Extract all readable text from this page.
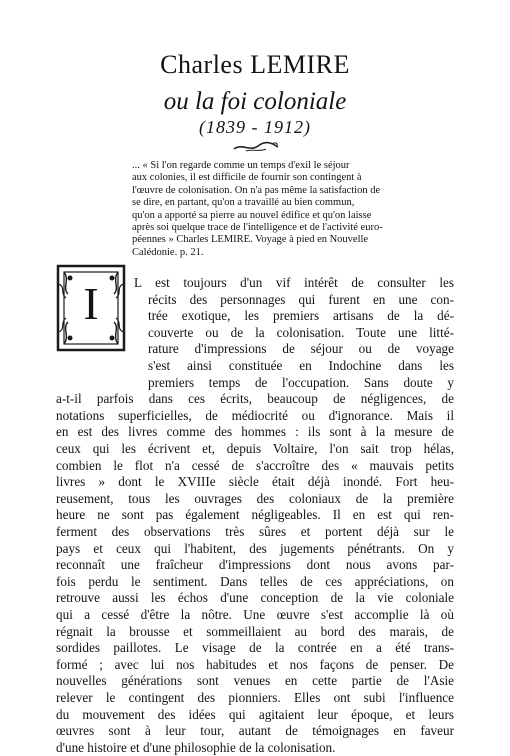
Charles LEMIRE
ou la foi coloniale
(1839 - 1912)
... « Si l'on regarde comme un temps d'exil le séjour
aux colonies, il est difficile de fournir son contingent à
l'œuvre de colonisation. On n'a pas même la satisfaction de
se dire, en partant, qu'on a travaillé au bien commun,
qu'on a apporté sa pierre au nouvel édifice et qu'on laisse
après soi quelque trace de l'intelligence et de l'activité euro-
péennes » Charles LEMIRE. Voyage à pied en Nouvelle
Calédonie. p. 21.
I	L est toujours d'un vif intérêt de consulter les
récits des personnages qui furent en une con-
trée exotique, les premiers artisans de la dé-
couverte ou de la colonisation. Toute une litté-
rature d'impressions de séjour ou de voyage
s'est ainsi constituée en Indochine dans les
premiers temps de l'occupation. Sans doute y
a-t-il parfois dans ces écrits, beaucoup de négligences, de
notations superficielles, de médiocrité ou d'ignorance. Mais il
en est des livres comme des hommes : ils sont à la mesure de
ceux qui les écrivent et, depuis Voltaire, l'on sait trop hélas,
combien le flot n'a cessé de s'accroître des « mauvais petits
livres » dont le XVIIIe siècle était déjà inondé. Fort heu-
reusement, tous les ouvrages des coloniaux de la première
heure ne sont pas également négligeables. Il en est qui ren-
ferment des observations très sûres et portent déjà sur le
pays et ceux qui l'habitent, des jugements pénétrants. On y
reconnaît une fraîcheur d'impressions dont nous avons par-
fois perdu le sentiment. Dans telles de ces appréciations, on
retrouve aussi les échos d'une conception de la vie coloniale
qui a cessé d'être la nôtre. Une œuvre s'est accomplie là où
régnait la brousse et sommeillaient au bord des marais, de
sordides paillotes. Le visage de la contrée en a été trans-
formé ; avec lui nos habitudes et nos façons de penser. De
nouvelles générations sont venues en cette partie de l'Asie
relever le contingent des pionniers. Elles ont subi l'influence
du mouvement des idées qui agitaient leur époque, et leurs
œuvres sont à leur tour, autant de témoignages en faveur
d'une histoire et d'une philosophie de la colonisation.
